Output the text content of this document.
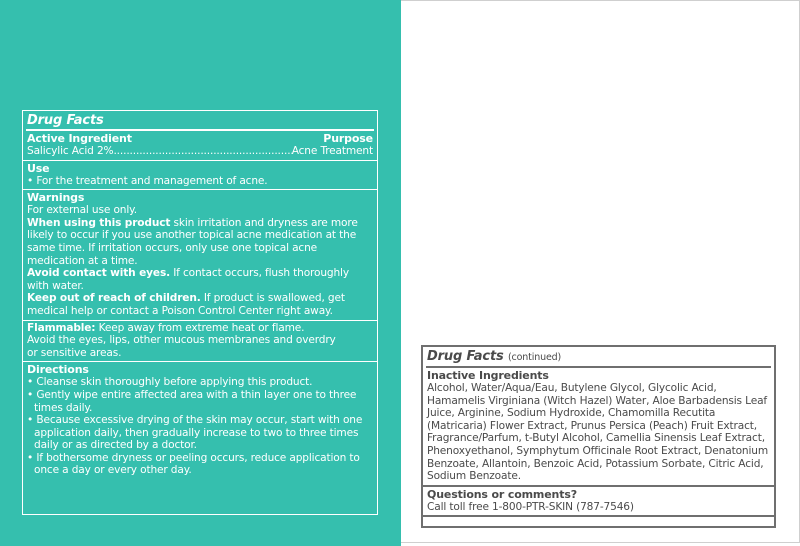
Drug Facts
Active Ingredient	Purpose
Salicylic Acid 2% .....	Acne Treatment
Use
• For the treatment and management of acne.
Warnings
For external use only.
When using this product skin irritation and dryness are more likely to occur if you use another topical acne medication at the same time. If irritation occurs, only use one topical acne medication at a time.
Avoid contact with eyes. If contact occurs, flush thoroughly with water.
Keep out of reach of children. If product is swallowed, get medical help or contact a Poison Control Center right away.
Flammable: Keep away from extreme heat or flame.
Avoid the eyes, lips, other mucous membranes and overdry or sensitive areas.
Directions
• Cleanse skin thoroughly before applying this product.
• Gently wipe entire affected area with a thin layer one to three times daily.
• Because excessive drying of the skin may occur, start with one application daily, then gradually increase to two to three times daily or as directed by a doctor.
• If bothersome dryness or peeling occurs, reduce application to once a day or every other day.
CONTINUED
Drug Facts (continued)
Inactive Ingredients
Alcohol, Water/Aqua/Eau, Butylene Glycol, Glycolic Acid, Hamamelis Virginiana (Witch Hazel) Water, Aloe Barbadensis Leaf Juice, Arginine, Sodium Hydroxide, Chamomilla Recutita (Matricaria) Flower Extract, Prunus Persica (Peach) Fruit Extract, Fragrance/Parfum, t-Butyl Alcohol, Camellia Sinensis Leaf Extract, Phenoxyethanol, Symphytum Officinale Root Extract, Denatonium Benzoate, Allantoin, Benzoic Acid, Potassium Sorbate, Citric Acid, Sodium Benzoate.
Questions or comments?
Call toll free 1-800-PTR-SKIN (787-7546)
